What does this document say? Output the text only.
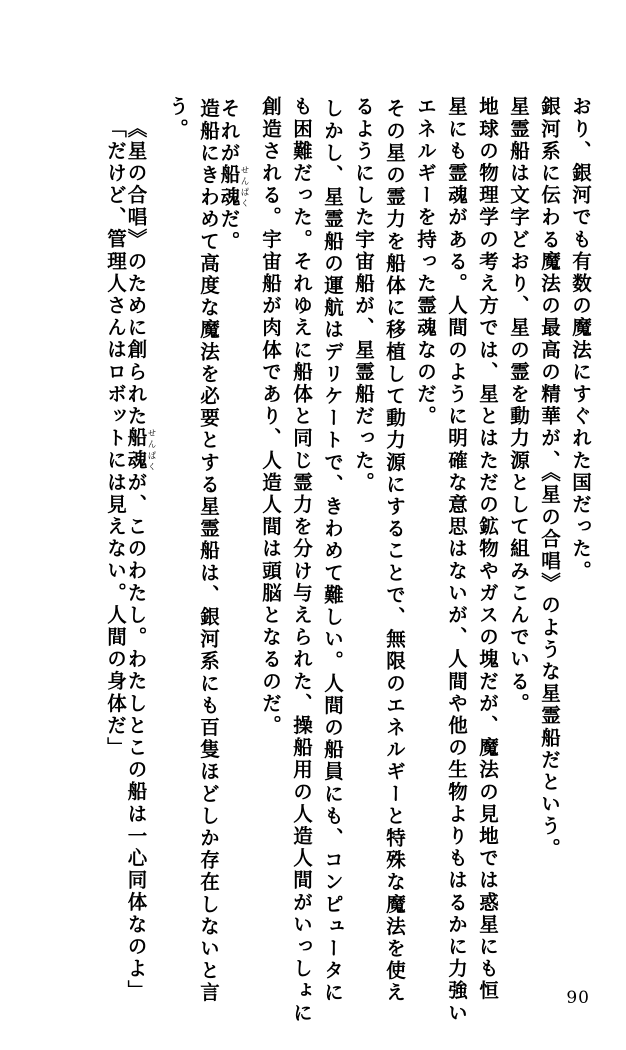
おり、銀河でも有数の魔法にすぐれた国だった。
銀河系に伝わる魔法の最高の精華が、《星の合唱》のような星霊船だという。
星霊船は文字どおり、星の霊を動力源として組みこんでいる。
地球の物理学の考え方では、星とはただの鉱物やガスの塊だが、魔法の見地では惑星にも恒
星にも霊魂がある。人間のように明確な意思はないが、人間や他の生物よりもはるかに力強い
エネルギーを持った霊魂なのだ。
その星の霊力を船体に移植して動力源にすることで、無限のエネルギーと特殊な魔法を使え
るようにした宇宙船が、星霊船だった。
しかし、星霊船の運航はデリケートで、きわめて難しい。人間の船員にも、コンピュータに
も困難だった。それゆえに船体と同じ霊力を分け与えられた、操船用の人造人間がいっしょに
創造される。宇宙船が肉体であり、人造人間は頭脳となるのだ。
それが船魂せんぱくだ。
造船にきわめて高度な魔法を必要とする星霊船は、銀河系にも百隻ほどしか存在しないと言
う。
《星の合唱》のために創られた船魂せんぱくが、このわたし。わたしとこの船は一心同体なのよ」
「だけど、管理人さんはロボットには見えない。人間の身体だ」
90
